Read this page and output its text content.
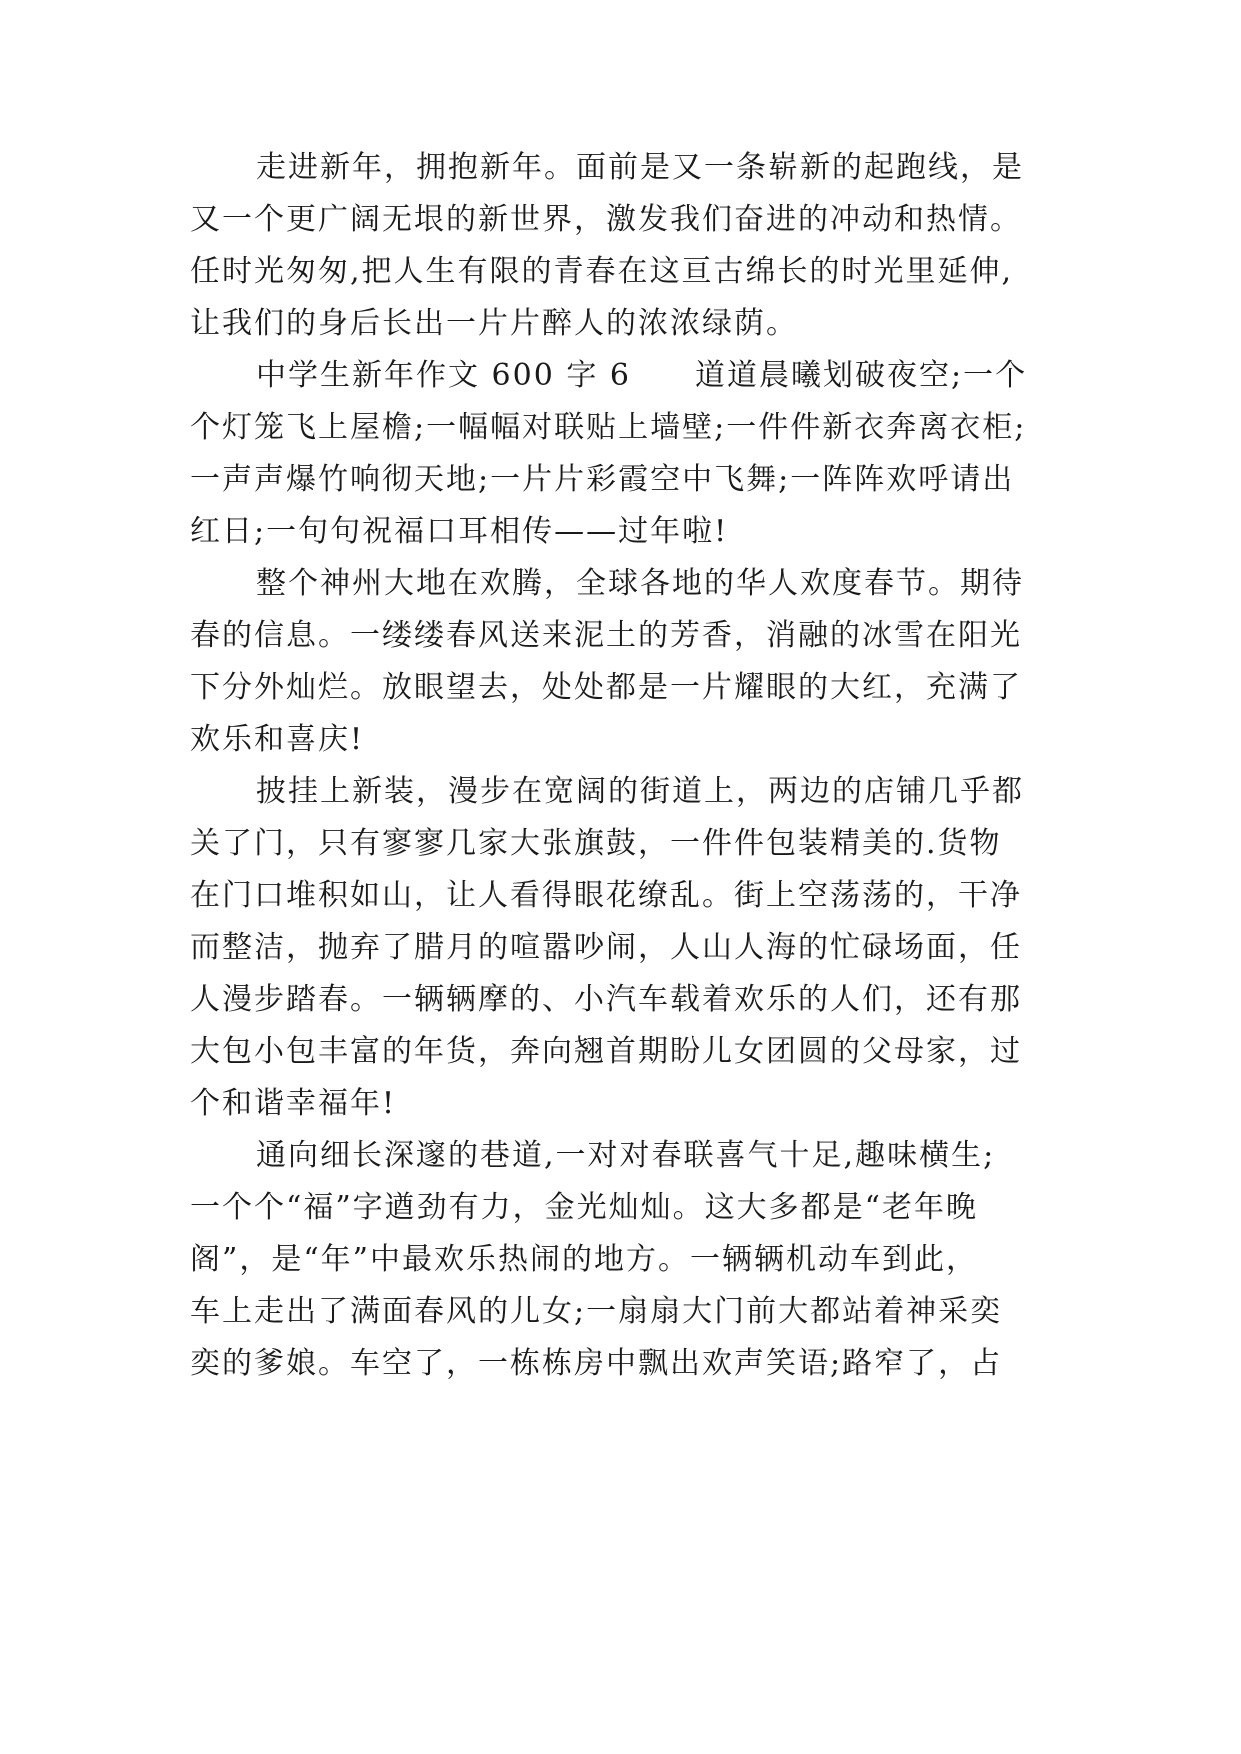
走进新年，拥抱新年。面前是又一条崭新的起跑线，是
又一个更广阔无垠的新世界，激发我们奋进的冲动和热情。
任时光匆匆,把人生有限的青春在这亘古绵长的时光里延伸,
让我们的身后长出一片片醉人的浓浓绿荫。
中学生新年作文 600 字 6　　道道晨曦划破夜空;一个
个灯笼飞上屋檐;一幅幅对联贴上墙壁;一件件新衣奔离衣柜;
一声声爆竹响彻天地;一片片彩霞空中飞舞;一阵阵欢呼请出
红日;一句句祝福口耳相传——过年啦!
整个神州大地在欢腾，全球各地的华人欢度春节。期待
春的信息。一缕缕春风送来泥土的芳香，消融的冰雪在阳光
下分外灿烂。放眼望去，处处都是一片耀眼的大红，充满了
欢乐和喜庆!
披挂上新装，漫步在宽阔的街道上，两边的店铺几乎都
关了门，只有寥寥几家大张旗鼓，一件件包装精美的.货物
在门口堆积如山，让人看得眼花缭乱。街上空荡荡的，干净
而整洁，抛弃了腊月的喧嚣吵闹，人山人海的忙碌场面，任
人漫步踏春。一辆辆摩的、小汽车载着欢乐的人们，还有那
大包小包丰富的年货，奔向翘首期盼儿女团圆的父母家，过
个和谐幸福年!
通向细长深邃的巷道,一对对春联喜气十足,趣味横生;
一个个“福”字遒劲有力，金光灿灿。这大多都是“老年晚
阁”，是“年”中最欢乐热闹的地方。一辆辆机动车到此，
车上走出了满面春风的儿女;一扇扇大门前大都站着神采奕
奕的爹娘。车空了，一栋栋房中飘出欢声笑语;路窄了，占
